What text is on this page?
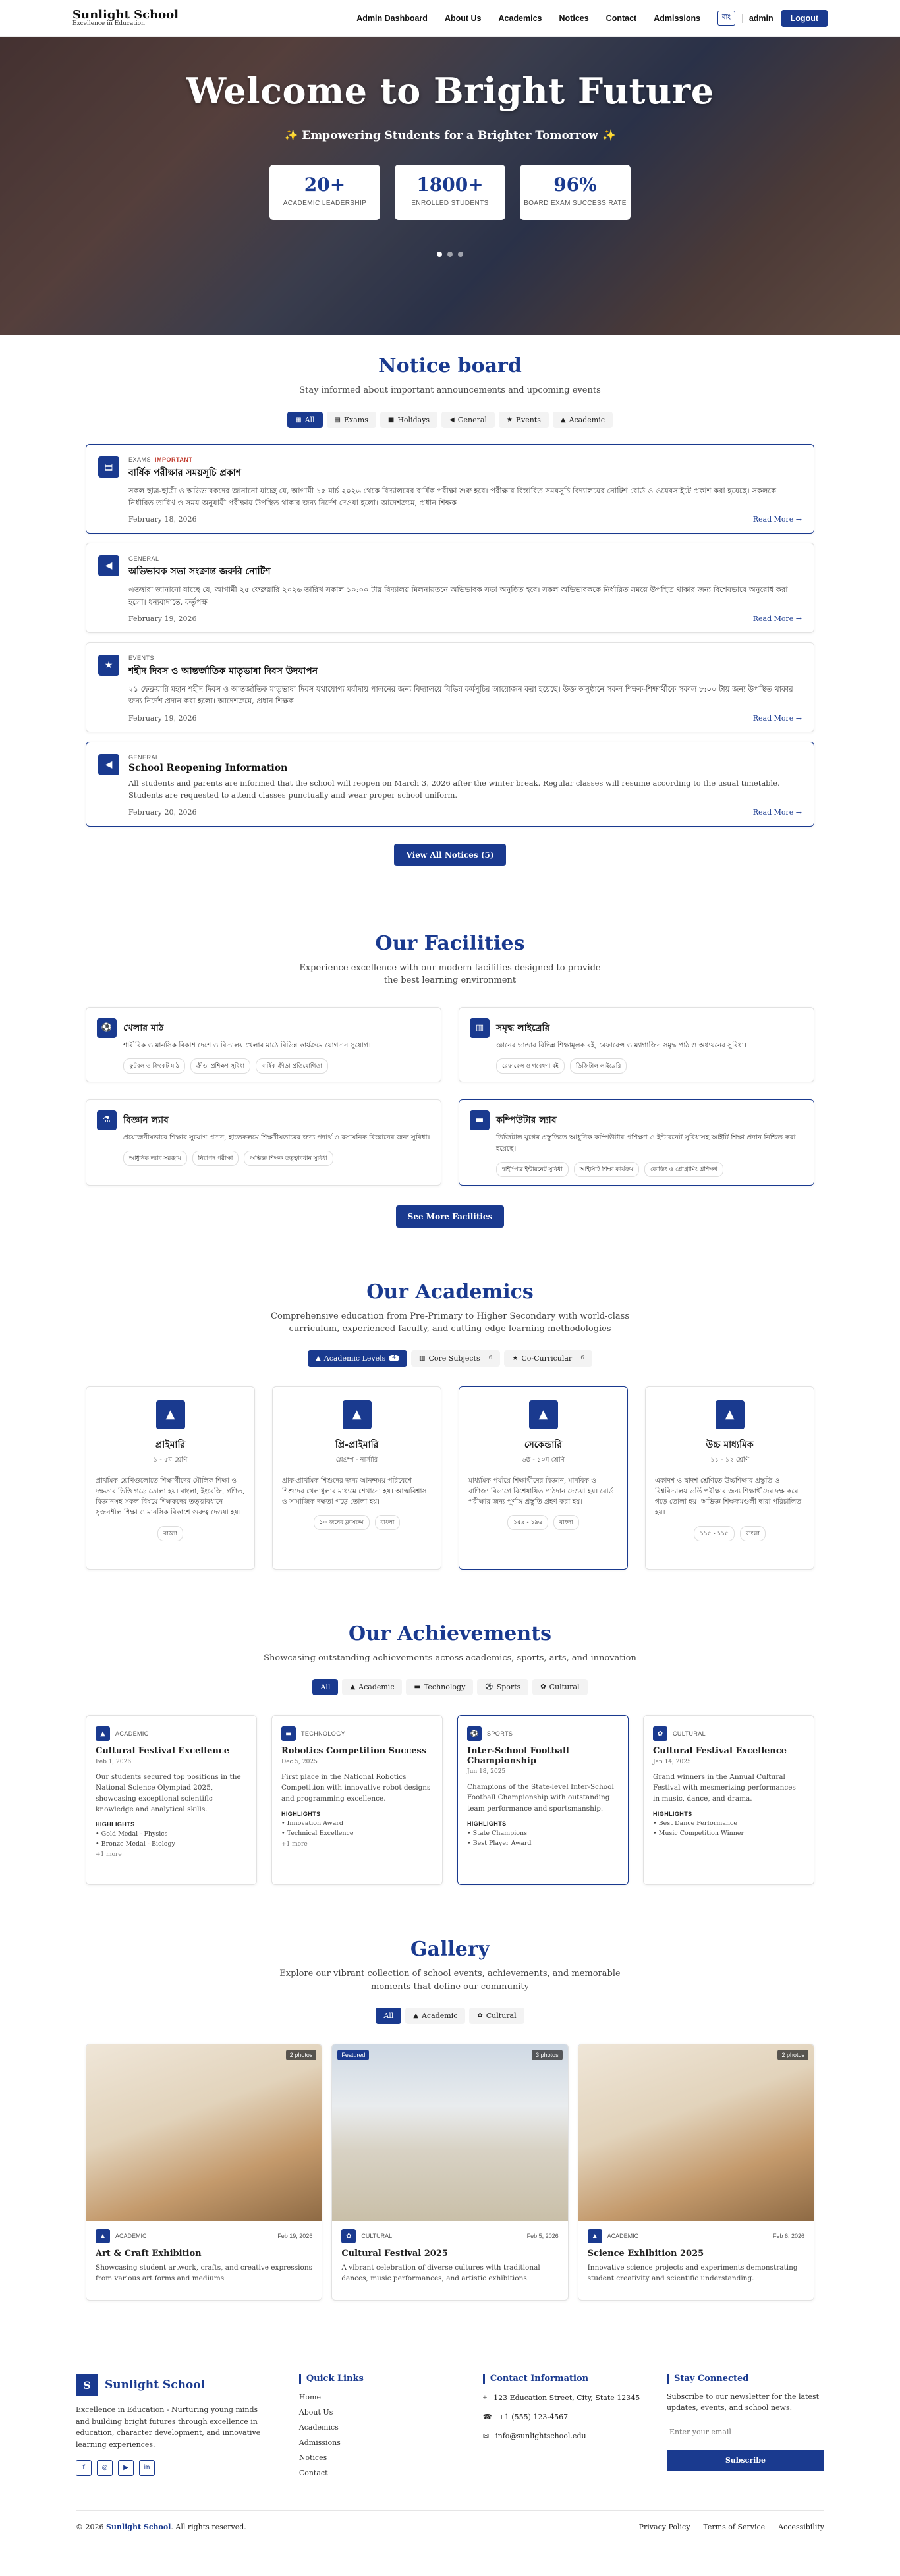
Sunlight School
Excellence in Education
Admin Dashboard About Us Academics Notices Contact Admissions	বাং	admin	Logout
Welcome to Bright Future
✨ Empowering Students for a Brighter Tomorrow ✨
20+
ACADEMIC LEADERSHIP
1800+
ENROLLED STUDENTS
96%
BOARD EXAM SUCCESS RATE
Notice board
Stay informed about important announcements and upcoming events
▦ All	▤ Exams	▣ Holidays	◀ General	★ Events	▲ Academic
▤
EXAMS IMPORTANT
বার্ষিক পরীক্ষার সময়সূচি প্রকাশ
সকল ছাত্র-ছাত্রী ও অভিভাবকদের জানানো যাচ্ছে যে, আগামী ১৫ মার্চ ২০২৬ থেকে বিদ্যালয়ের বার্ষিক পরীক্ষা শুরু হবে। পরীক্ষার বিস্তারিত সময়সূচি বিদ্যালয়ের নোটিশ বোর্ড ও ওয়েবসাইটে প্রকাশ করা হয়েছে। সকলকে নির্ধারিত তারিখ ও সময় অনুযায়ী পরীক্ষায় উপস্থিত থাকার জন্য নির্দেশ দেওয়া হলো। আদেশক্রমে, প্রধান শিক্ষক
February 18, 2026	Read More →
◀
GENERAL
অভিভাবক সভা সংক্রান্ত জরুরি নোটিশ
এতদ্বারা জানানো যাচ্ছে যে, আগামী ২৫ ফেব্রুয়ারি ২০২৬ তারিখ সকাল ১০:০০ টায় বিদ্যালয় মিলনায়তনে অভিভাবক সভা অনুষ্ঠিত হবে। সকল অভিভাবককে নির্ধারিত সময়ে উপস্থিত থাকার জন্য বিশেষভাবে অনুরোধ করা হলো। ধন্যবাদান্তে, কর্তৃপক্ষ
February 19, 2026	Read More →
★
EVENTS
শহীদ দিবস ও আন্তর্জাতিক মাতৃভাষা দিবস উদযাপন
২১ ফেব্রুয়ারি মহান শহীদ দিবস ও আন্তর্জাতিক মাতৃভাষা দিবস যথাযোগ্য মর্যাদায় পালনের জন্য বিদ্যালয়ে বিভিন্ন কর্মসূচির আয়োজন করা হয়েছে। উক্ত অনুষ্ঠানে সকল শিক্ষক-শিক্ষার্থীকে সকাল ৮:০০ টায় জন্য উপস্থিত থাকার জন্য নির্দেশ প্রদান করা হলো। আদেশক্রমে, প্রধান শিক্ষক
February 19, 2026	Read More →
◀
GENERAL
School Reopening Information
All students and parents are informed that the school will reopen on March 3, 2026 after the winter break. Regular classes will resume according to the usual timetable. Students are requested to attend classes punctually and wear proper school uniform.
February 20, 2026	Read More →
View All Notices (5)
Our Facilities
Experience excellence with our modern facilities designed to provide the best learning environment
⚽	খেলার মাঠ
শারীরিক ও মানসিক বিকাশ দেশে ও বিদ্যালয় খেলার মাঠে বিভিন্ন কার্যক্রমে যোগদান সুযোগ।
ফুটবল ও ক্রিকেট মাঠ	ক্রীড়া প্রশিক্ষণ সুবিধা	বার্ষিক ক্রীড়া প্রতিযোগিতা
▥	সমৃদ্ধ লাইব্রেরি
জ্ঞানের ভান্ডার বিভিন্ন শিক্ষামূলক বই, রেফারেন্স ও ম্যাগাজিন সমৃদ্ধ পাঠ ও অধ্যয়নের সুবিধা।
রেফারেন্স ও গবেষণা বই	ডিজিটাল লাইব্রেরি
⚗	বিজ্ঞান ল্যাব
প্রযোজনীয়ভাবে শিক্ষার সুযোগ প্রদান, হাতেকলমে শিক্ষণীয়তারের জন্য পদার্থ ও রসায়নিক বিজ্ঞানের জন্য সুবিধা।
আধুনিক ল্যাব সরঞ্জাম	নিরাপদ পরীক্ষা	অভিজ্ঞ শিক্ষক তত্ত্বাবধান সুবিধা
▬	কম্পিউটার ল্যাব
ডিজিটাল যুগের প্রস্তুতিতে আধুনিক কম্পিউটার প্রশিক্ষণ ও ইন্টারনেট সুবিধাসহ আইটি শিক্ষা প্রদান নিশ্চিত করা হয়েছে।
হাইস্পিড ইন্টারনেট সুবিধা	আইসিটি শিক্ষা কার্যক্রম	কোডিং ও প্রোগ্রামিং প্রশিক্ষণ
See More Facilities
Our Academics
Comprehensive education from Pre-Primary to Higher Secondary with world-class curriculum, experienced faculty, and cutting-edge learning methodologies
▲ Academic Levels	4	▥ Core Subjects 6	★ Co-Curricular 6
▲
প্রাইমারি
১ - ৫ম শ্রেণি
প্রাথমিক শ্রেণিগুলোতে শিক্ষার্থীদের মৌলিক শিক্ষা ও দক্ষতার ভিত্তি গড়ে তোলা হয়। বাংলা, ইংরেজি, গণিত, বিজ্ঞানসহ সকল বিষয়ে শিক্ষকদের তত্ত্বাবধানে সৃজনশীল শিক্ষা ও মানসিক বিকাশে গুরুত্ব দেওয়া হয়।
বাংলা
▲
প্রি-প্রাইমারি
প্লেগ্রুপ - নার্সারি
প্রাক-প্রাথমিক শিশুদের জন্য আনন্দময় পরিবেশে শিশুদের খেলাধুলার মাধ্যমে শেখানো হয়। আত্মবিশ্বাস ও সামাজিক দক্ষতা গড়ে তোলা হয়।
১০ জনের ক্লাসরুম	বাংলা
▲
সেকেন্ডারি
৬ষ্ঠ - ১০ম শ্রেণি
মাধ্যমিক পর্যায়ে শিক্ষার্থীদের বিজ্ঞান, মানবিক ও বাণিজ্য বিভাগে বিশেষায়িত পাঠদান দেওয়া হয়। বোর্ড পরীক্ষার জন্য পূর্ণাঙ্গ প্রস্তুতি গ্রহণ করা হয়।
১৫৯ - ১৯৬	বাংলা
▲
উচ্চ মাধ্যমিক
১১ - ১২ শ্রেণি
একাদশ ও দ্বাদশ শ্রেণিতে উচ্চশিক্ষার প্রস্তুতি ও বিশ্ববিদ্যালয় ভর্তি পরীক্ষার জন্য শিক্ষার্থীদের দক্ষ করে গড়ে তোলা হয়। অভিজ্ঞ শিক্ষকমণ্ডলী দ্বারা পরিচালিত হয়।
১১৫ - ১১৫	বাংলা
Our Achievements
Showcasing outstanding achievements across academics, sports, arts, and innovation
All	▲ Academic	▬ Technology	⚽ Sports	✿ Cultural
▲	ACADEMIC
Cultural Festival Excellence
Feb 1, 2026
Our students secured top positions in the National Science Olympiad 2025, showcasing exceptional scientific knowledge and analytical skills.
HIGHLIGHTS
• Gold Medal - Physics
• Bronze Medal - Biology
+1 more
▬	TECHNOLOGY
Robotics Competition Success
Dec 5, 2025
First place in the National Robotics Competition with innovative robot designs and programming excellence.
HIGHLIGHTS
• Innovation Award
• Technical Excellence
+1 more
⚽	SPORTS
Inter-School Football Championship
Jun 18, 2025
Champions of the State-level Inter-School Football Championship with outstanding team performance and sportsmanship.
HIGHLIGHTS
• State Champions
• Best Player Award
✿	CULTURAL
Cultural Festival Excellence
Jan 14, 2025
Grand winners in the Annual Cultural Festival with mesmerizing performances in music, dance, and drama.
HIGHLIGHTS
• Best Dance Performance
• Music Competition Winner
Gallery
Explore our vibrant collection of school events, achievements, and memorable moments that define our community
All	▲ Academic	✿ Cultural
2 photos
▲	ACADEMIC	Feb 19, 2026
Art & Craft Exhibition
Showcasing student artwork, crafts, and creative expressions from various art forms and mediums
Featured	3 photos
✿	CULTURAL	Feb 5, 2026
Cultural Festival 2025
A vibrant celebration of diverse cultures with traditional dances, music performances, and artistic exhibitions.
2 photos
▲	ACADEMIC	Feb 6, 2026
Science Exhibition 2025
Innovative science projects and experiments demonstrating student creativity and scientific understanding.
S	Sunlight School
Excellence in Education - Nurturing young minds and building bright futures through excellence in education, character development, and innovative learning experiences.
f	◎	▶	in
Quick Links
Home
About Us
Academics
Admissions
Notices
Contact
Contact Information
⌖ 123 Education Street, City, State 12345
☎ +1 (555) 123-4567
✉ info@sunlightschool.edu
Stay Connected
Subscribe to our newsletter for the latest updates, events, and school news.
Enter your email Subscribe
© 2026 Sunlight School. All rights reserved.	Privacy Policy Terms of Service Accessibility
